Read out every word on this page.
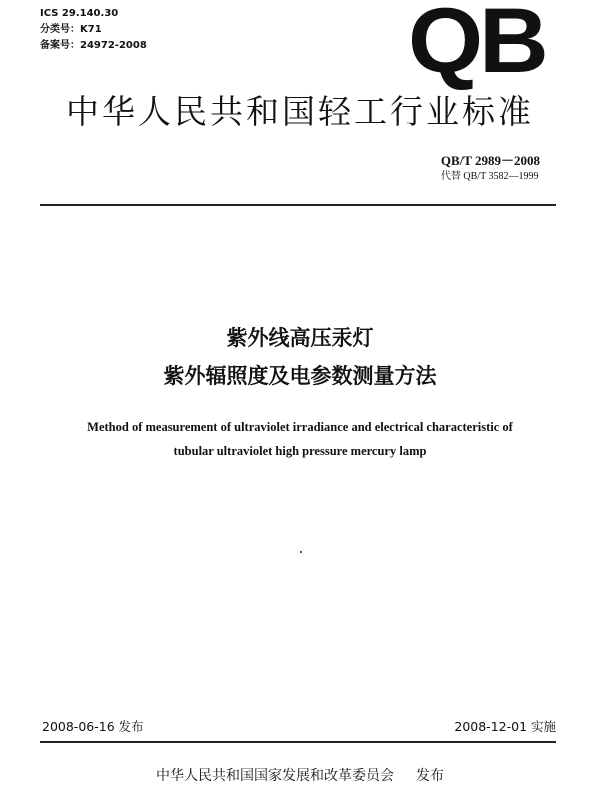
ICS 29.140.30
分类号：K71
备案号：24972-2008	QB
中华人民共和国轻工行业标准
QB/T 2989－2008
代替 QB/T 3582—1999
紫外线高压汞灯
紫外辐照度及电参数测量方法
Method of measurement of ultraviolet irradiance and electrical characteristic of
tubular ultraviolet high pressure mercury lamp
2008-06-16 发布	2008-12-01 实施
中华人民共和国国家发展和改革委员会 发布
